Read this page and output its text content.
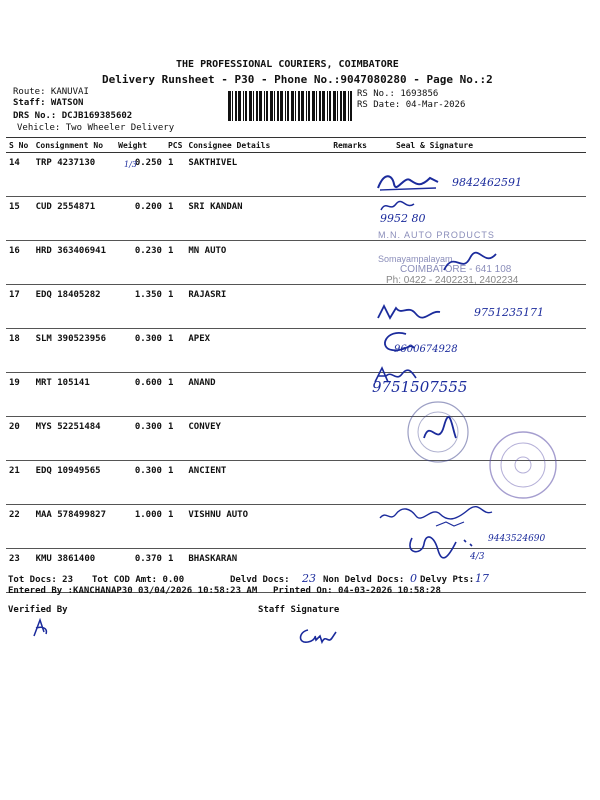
THE PROFESSIONAL COURIERS, COIMBATORE
Delivery Runsheet - P30 - Phone No.:9047080280 - Page No.:2
Route: KANUVAI
Staff: WATSON
DRS No.: DCJB169385602
Vehicle: Two Wheeler Delivery
RS No.: 1693856
RS Date: 04-Mar-2026
S No	Consignment No	Weight	PCS	Consignee Details	Remarks	Seal & Signature
14	TRP 4237130	0.250	1	SAKTHIVEL		
15	CUD 2554871	0.200	1	SRI KANDAN		
16	HRD 363406941	0.230	1	MN AUTO		
17	EDQ 18405282	1.350	1	RAJASRI		
18	SLM 390523956	0.300	1	APEX		
19	MRT 105141	0.600	1	ANAND		
20	MYS 52251484	0.300	1	CONVEY		
21	EDQ 10949565	0.300	1	ANCIENT		
22	MAA 578499827	1.000	1	VISHNU AUTO		
23	KMU 3861400	0.370	1	BHASKARAN		
1/3
9842462591
9952 80
M.N. AUTO PRODUCTS
Somayampalayam
COIMBATORE - 641 108
Ph: 0422 - 2402231, 2402234
9751235171
9600674928
9751507555
9443524690
4/3
Tot Docs: 23 Tot COD Amt: 0.00	Delvd Docs: 23 Non Delvd Docs: 0 Delvy Pts: 17
Entered By :KANCHANAP30 03/04/2026 10:58:23 AM Printed On: 04-03-2026 10:58:28
Verified By	Staff Signature
